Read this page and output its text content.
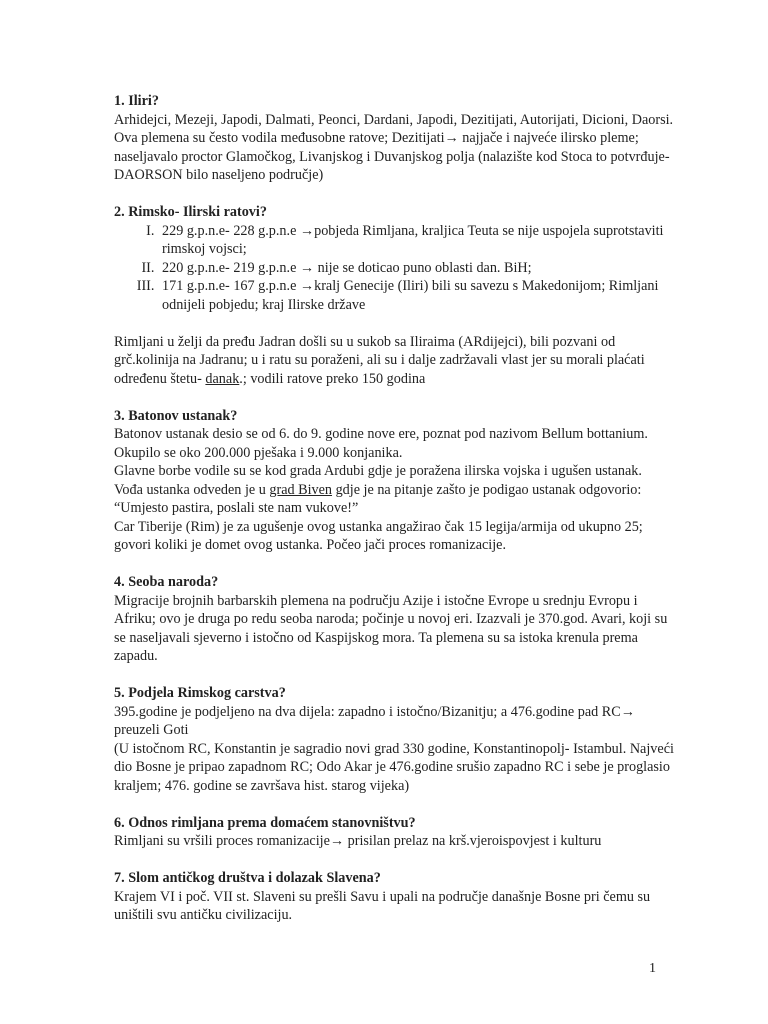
1. Iliri?
Arhidejci, Mezeji, Japodi, Dalmati, Peonci, Dardani, Japodi, Dezitijati, Autorijati, Dicioni, Daorsi.
Ova plemena su često vodila međusobne ratove; Dezitijati→ najjače i najveće ilirsko pleme; naseljavalo proctor Glamočkog, Livanjskog i Duvanjskog polja (nalazište kod Stoca to potvrđuje- DAORSON bilo naseljeno područje)
2. Rimsko- Ilirski ratovi?
I. 229 g.p.n.e- 228 g.p.n.e →pobjeda Rimljana, kraljica Teuta se nije uspojela suprotstaviti rimskoj vojsci;
II. 220 g.p.n.e- 219 g.p.n.e → nije se doticao puno oblasti dan. BiH;
III. 171 g.p.n.e- 167 g.p.n.e →kralj Genecije (Iliri) bili su savezu s Makedonijom; Rimljani odnijeli pobjedu; kraj Ilirske države
Rimljani u želji da pređu Jadran došli su u sukob sa Iliraima (ARdijejci), bili pozvani od grč.kolinija na Jadranu; u i ratu su poraženi, ali su i dalje zadržavali vlast jer su morali plaćati određenu štetu- danak.; vodili ratove preko 150 godina
3. Batonov ustanak?
Batonov ustanak desio se od 6. do 9. godine nove ere, poznat pod nazivom Bellum bottanium. Okupilo se oko 200.000 pješaka i 9.000 konjanika.
Glavne borbe vodile su se kod grada Ardubi gdje je poražena ilirska vojska i ugušen ustanak. Vođa ustanka odveden je u grad Biven gdje je na pitanje zašto je podigao ustanak odgovorio: “Umjesto pastira, poslali ste nam vukove!”
Car Tiberije (Rim) je za ugušenje ovog ustanka angažirao čak 15 legija/armija od ukupno 25; govori koliki je domet ovog ustanka. Počeo jači proces romanizacije.
4. Seoba naroda?
Migracije brojnih barbarskih plemena na području Azije i istočne Evrope u srednju Evropu i Afriku; ovo je druga po redu seoba naroda; počinje u novoj eri. Izazvali je 370.god. Avari, koji su se naseljavali sjeverno i istočno od Kaspijskog mora. Ta plemena su sa istoka krenula prema zapadu.
5. Podjela Rimskog carstva?
395.godine je podjeljeno na dva dijela: zapadno i istočno/Bizanitju; a 476.godine pad RC→ preuzeli Goti
(U istočnom RC, Konstantin je sagradio novi grad 330 godine, Konstantinopolj- Istambul. Najveći dio Bosne je pripao zapadnom RC; Odo Akar je 476.godine srušio zapadno RC i sebe je proglasio kraljem; 476. godine se završava hist. starog vijeka)
6. Odnos rimljana prema domaćem stanovništvu?
Rimljani su vršili proces romanizacije→ prisilan prelaz na krš.vjeroispovjest i kulturu
7. Slom antičkog društva i dolazak Slavena?
Krajem VI i poč. VII st. Slaveni su prešli Savu i upali na područje današnje Bosne pri čemu su uništili svu antičku civilizaciju.
1
